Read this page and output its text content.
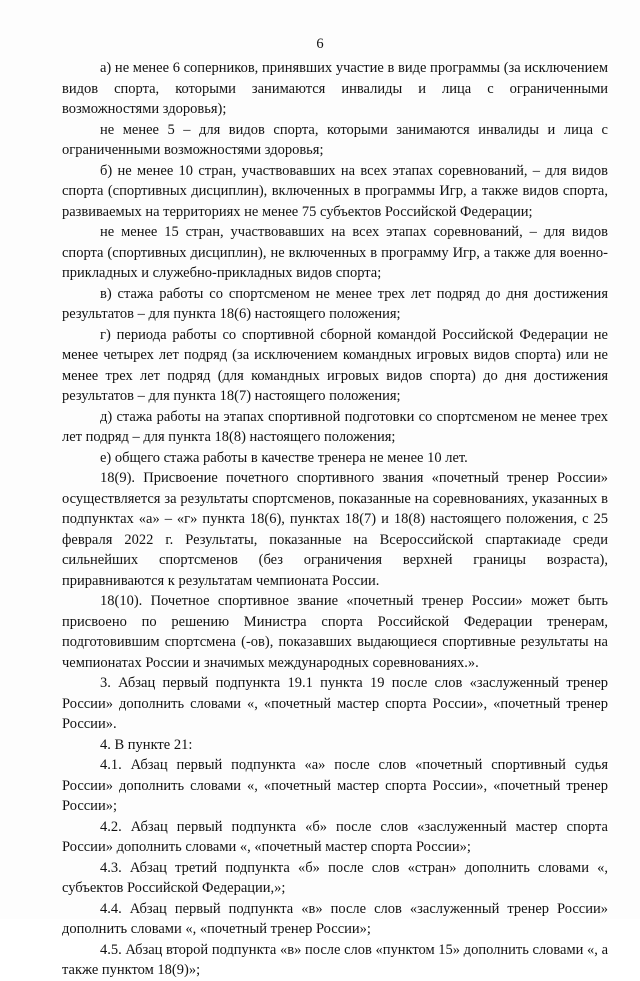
6

а) не менее 6 соперников, принявших участие в виде программы (за исключением видов спорта, которыми занимаются инвалиды и лица с ограниченными возможностями здоровья);

не менее 5 – для видов спорта, которыми занимаются инвалиды и лица с ограниченными возможностями здоровья;

б) не менее 10 стран, участвовавших на всех этапах соревнований, – для видов спорта (спортивных дисциплин), включенных в программы Игр, а также видов спорта, развиваемых на территориях не менее 75 субъектов Российской Федерации;

не менее 15 стран, участвовавших на всех этапах соревнований, – для видов спорта (спортивных дисциплин), не включенных в программу Игр, а также для военно-прикладных и служебно-прикладных видов спорта;

в) стажа работы со спортсменом не менее трех лет подряд до дня достижения результатов – для пункта 18(6) настоящего положения;

г) периода работы со спортивной сборной командой Российской Федерации не менее четырех лет подряд (за исключением командных игровых видов спорта) или не менее трех лет подряд (для командных игровых видов спорта) до дня достижения результатов – для пункта 18(7) настоящего положения;

д) стажа работы на этапах спортивной подготовки со спортсменом не менее трех лет подряд – для пункта 18(8) настоящего положения;

е) общего стажа работы в качестве тренера не менее 10 лет.

18(9). Присвоение почетного спортивного звания «почетный тренер России» осуществляется за результаты спортсменов, показанные на соревнованиях, указанных в подпунктах «а» – «г» пункта 18(6), пунктах 18(7) и 18(8) настоящего положения, с 25 февраля 2022 г. Результаты, показанные на Всероссийской спартакиаде среди сильнейших спортсменов (без ограничения верхней границы возраста), приравниваются к результатам чемпионата России.

18(10). Почетное спортивное звание «почетный тренер России» может быть присвоено по решению Министра спорта Российской Федерации тренерам, подготовившим спортсмена (-ов), показавших выдающиеся спортивные результаты на чемпионатах России и значимых международных соревнованиях.».

3. Абзац первый подпункта 19.1 пункта 19 после слов «заслуженный тренер России» дополнить словами «, «почетный мастер спорта России», «почетный тренер России».

4. В пункте 21:

4.1. Абзац первый подпункта «а» после слов «почетный спортивный судья России» дополнить словами «, «почетный мастер спорта России», «почетный тренер России»;

4.2. Абзац первый подпункта «б» после слов «заслуженный мастер спорта России» дополнить словами «, «почетный мастер спорта России»;

4.3. Абзац третий подпункта «б» после слов «стран» дополнить словами «, субъектов Российской Федерации,»;

4.4. Абзац первый подпункта «в» после слов «заслуженный тренер России» дополнить словами «, «почетный тренер России»;

4.5. Абзац второй подпункта «в» после слов «пунктом 15» дополнить словами «, а также пунктом 18(9)»;
